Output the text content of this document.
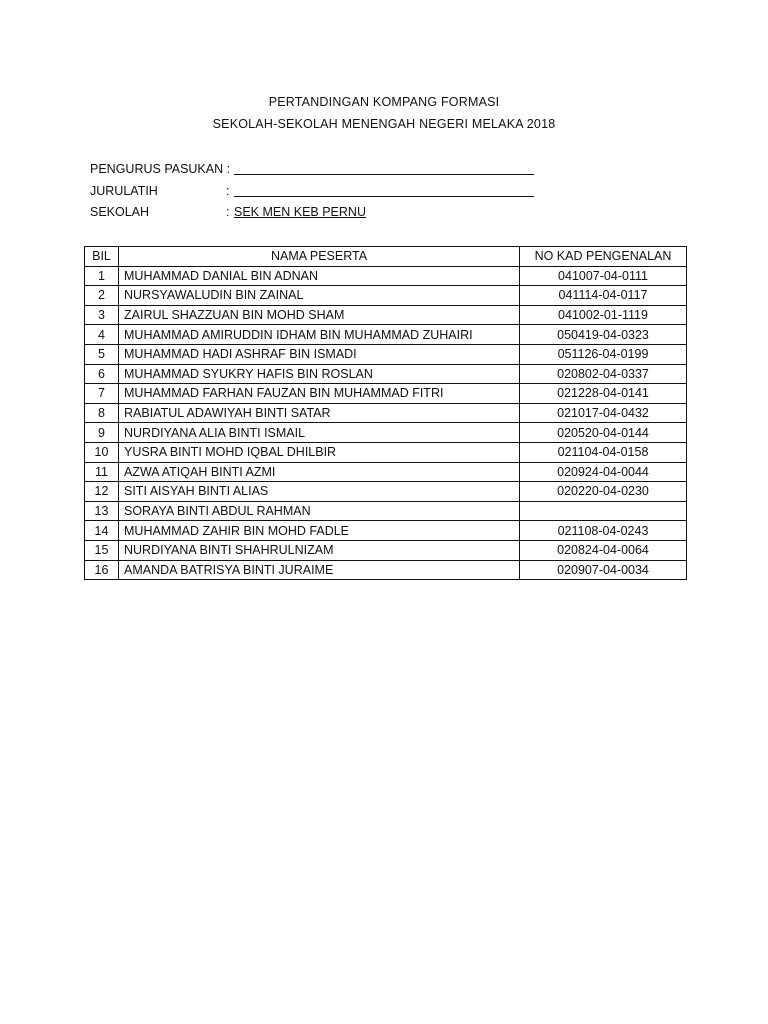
PERTANDINGAN KOMPANG FORMASI
SEKOLAH-SEKOLAH MENENGAH NEGERI MELAKA 2018
PENGURUS PASUKAN :
JURULATIH	:
SEKOLAH	: SEK MEN KEB PERNU
BIL	NAMA PESERTA	NO KAD PENGENALAN
1	MUHAMMAD DANIAL BIN ADNAN	041007-04-0111
2	NURSYAWALUDIN BIN ZAINAL	041114-04-0117
3	ZAIRUL SHAZZUAN BIN MOHD SHAM	041002-01-1119
4	MUHAMMAD AMIRUDDIN IDHAM BIN MUHAMMAD ZUHAIRI	050419-04-0323
5	MUHAMMAD HADI ASHRAF BIN ISMADI	051126-04-0199
6	MUHAMMAD SYUKRY HAFIS BIN ROSLAN	020802-04-0337
7	MUHAMMAD FARHAN FAUZAN BIN MUHAMMAD FITRI	021228-04-0141
8	RABIATUL ADAWIYAH BINTI SATAR	021017-04-0432
9	NURDIYANA ALIA BINTI ISMAIL	020520-04-0144
10	YUSRA BINTI MOHD IQBAL DHILBIR	021104-04-0158
11	AZWA ATIQAH BINTI AZMI	020924-04-0044
12	SITI AISYAH BINTI ALIAS	020220-04-0230
13	SORAYA BINTI ABDUL RAHMAN	
14	MUHAMMAD ZAHIR BIN MOHD FADLE	021108-04-0243
15	NURDIYANA BINTI SHAHRULNIZAM	020824-04-0064
16	AMANDA BATRISYA BINTI JURAIME	020907-04-0034
